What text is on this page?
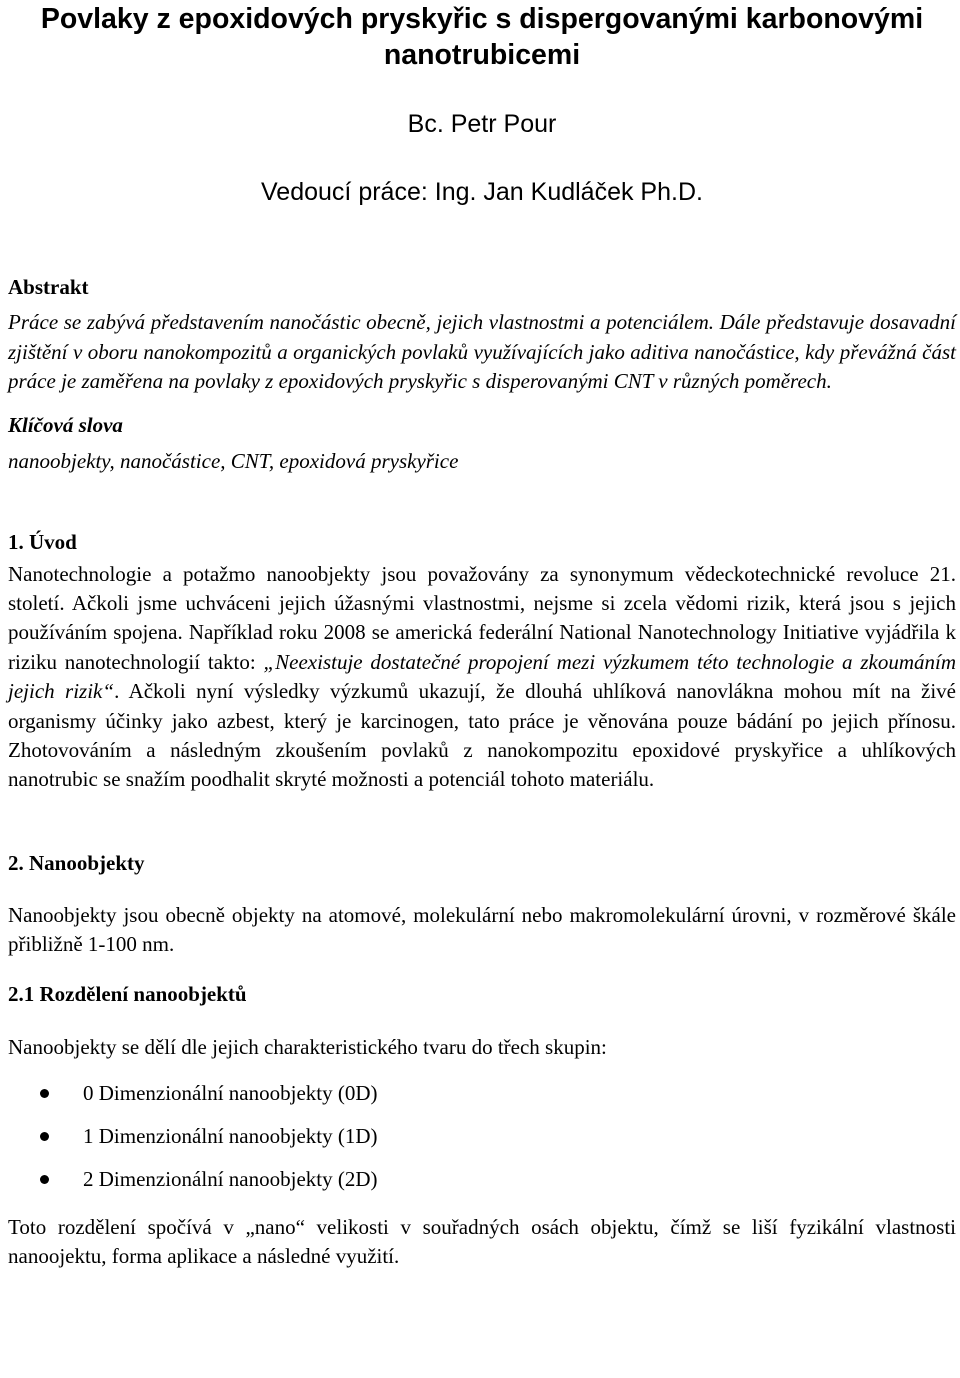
Povlaky z epoxidových pryskyřic s dispergovanými karbonovými nanotrubicemi

Bc. Petr Pour

Vedoucí práce: Ing. Jan Kudláček Ph.D.

Abstrakt

Práce se zabývá představením nanočástic obecně, jejich vlastnostmi a potenciálem. Dále představuje dosavadní zjištění v oboru nanokompozitů a organických povlaků využívajících jako aditiva nanočástice, kdy převážná část práce je zaměřena na povlaky z epoxidových pryskyřic s disperovanými CNT v různých poměrech.

Klíčová slova

nanoobjekty, nanočástice, CNT, epoxidová pryskyřice

1. Úvod

Nanotechnologie a potažmo nanoobjekty jsou považovány za synonymum vědeckotechnické revoluce 21. století. Ačkoli jsme uchváceni jejich úžasnými vlastnostmi, nejsme si zcela vědomi rizik, která jsou s jejich používáním spojena. Například roku 2008 se americká federální National Nanotechnology Initiative vyjádřila k riziku nanotechnologií takto: „Neexistuje dostatečné propojení mezi výzkumem této technologie a zkoumáním jejich rizik“. Ačkoli nyní výsledky výzkumů ukazují, že dlouhá uhlíková nanovlákna mohou mít na živé organismy účinky jako azbest, který je karcinogen, tato práce je věnována pouze bádání po jejich přínosu. Zhotovováním a následným zkoušením povlaků z nanokompozitu epoxidové pryskyřice a uhlíkových nanotrubic se snažím poodhalit skryté možnosti a potenciál tohoto materiálu.

2. Nanoobjekty

Nanoobjekty jsou obecně objekty na atomové, molekulární nebo makromolekulární úrovni, v rozměrové škále přibližně 1-100 nm.

2.1 Rozdělení nanoobjektů

Nanoobjekty se dělí dle jejich charakteristického tvaru do třech skupin:

0 Dimenzionální nanoobjekty (0D)
1 Dimenzionální nanoobjekty (1D)
2 Dimenzionální nanoobjekty (2D)

Toto rozdělení spočívá v „nano“ velikosti v souřadných osách objektu, čímž se liší fyzikální vlastnosti nanoojektu, forma aplikace a následné využití.
